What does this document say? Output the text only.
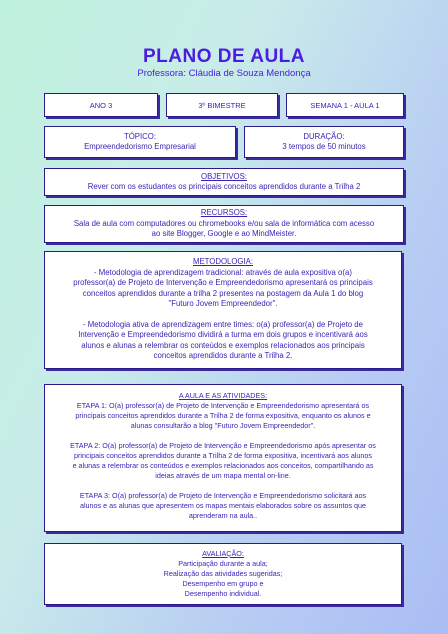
PLANO DE AULA
Professora: Cláudia de Souza Mendonça
ANO 3	3º BIMESTRE	SEMANA 1 - AULA 1

TÓPICO:

Empreendedorismo Empresarial

DURAÇÃO:

3 tempos de 50 minutos

OBJETIVOS:

Rever com os estudantes os principais conceitos aprendidos durante a Trilha 2

RECURSOS:

Sala de aula com computadores ou chromebooks e/ou sala de informática com acesso

ao site Blogger, Google e ao MindMeister.

METODOLOGIA:

- Metodologia de aprendizagem tradicional: através de aula expositiva o(a)

professor(a) de Projeto de Intervenção e Empreendedorismo apresentará os principais

conceitos aprendidos durante a trilha 2 presentes na postagem da Aula 1 do blog

"Futuro Jovem Empreendedor".

- Metodologia ativa de aprendizagem entre times: o(a) professor(a) de Projeto de

Intervenção e Empreendedorismo dividirá a turma em dois grupos e incentivará aos

alunos e alunas a relembrar os conteúdos e exemplos relacionados aos principais

conceitos aprendidos durante a Trilha 2.

A AULA E AS ATIVIDADES:

ETAPA 1: O(a) professor(a) de Projeto de Intervenção e Empreendedorismo apresentará os

principais conceitos aprendidos durante a Trilha 2 de forma expositiva, enquanto os alunos e

alunas consultarão a blog "Futuro Jovem Empreendedor".

ETAPA 2: O(a) professor(a) de Projeto de Intervenção e Empreendedorismo após apresentar os

principais conceitos aprendidos durante a Trilha 2 de forma expositiva, incentivará aos alunos

e alunas a relembrar os conteúdos e exemplos relacionados aos conceitos, compartilhando as

ideias através de um mapa mental on-line.

ETAPA 3: O(a) professor(a) de Projeto de Intervenção e Empreendedorismo solicitará aos

alunos e as alunas que apresentem os mapas mentais elaborados sobre os assuntos que

aprenderam na aula..

AVALIAÇÃO:

Participação durante a aula;

Realização das atividades sugeridas;

Desempenho em grupo e

Desempenho individual.
